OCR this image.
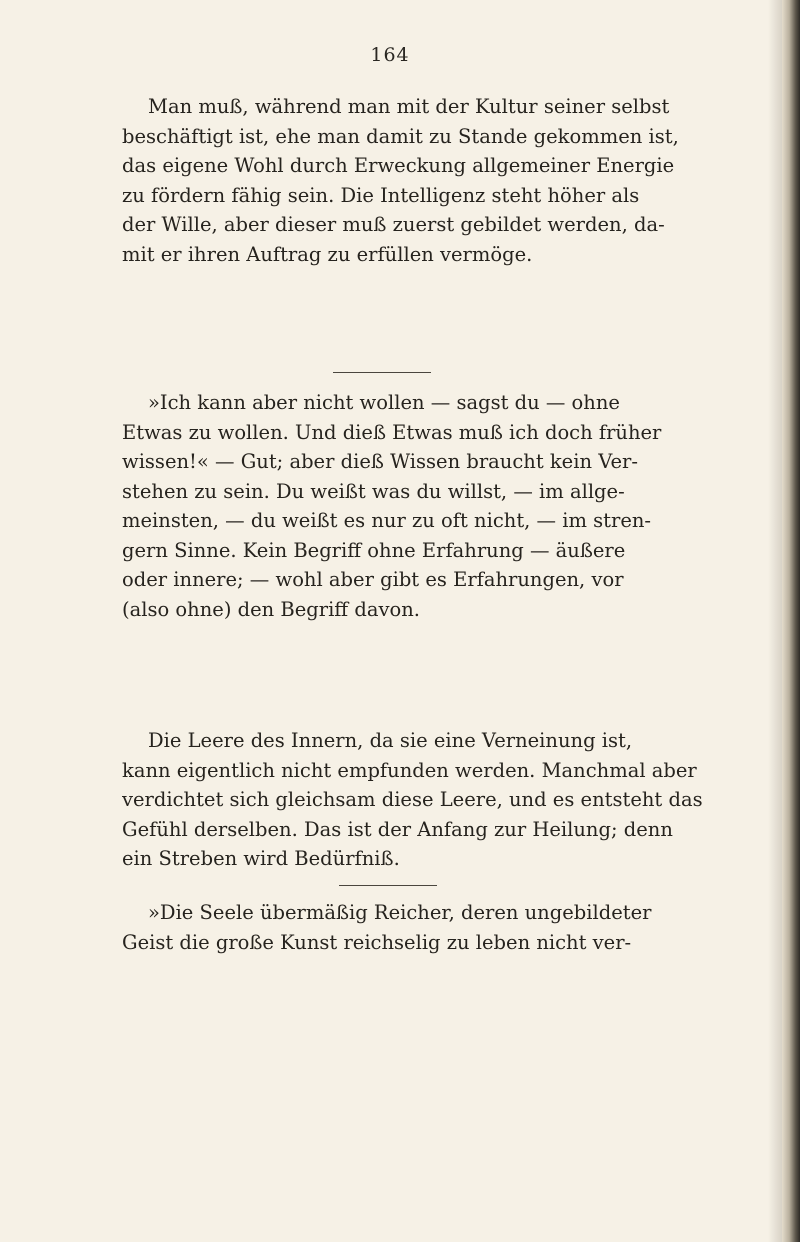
164

Man muß, während man mit der Kultur seiner selbst
beschäftigt ist, ehe man damit zu Stande gekommen ist,
das eigene Wohl durch Erweckung allgemeiner Energie
zu fördern fähig sein. Die Intelligenz steht höher als
der Wille, aber dieser muß zuerst gebildet werden, da-
mit er ihren Auftrag zu erfüllen vermöge.

»Ich kann aber nicht wollen — sagst du — ohne
Etwas zu wollen. Und dieß Etwas muß ich doch früher
wissen!« — Gut; aber dieß Wissen braucht kein Ver-
stehen zu sein. Du weißt was du willst, — im allge-
meinsten, — du weißt es nur zu oft nicht, — im stren-
gern Sinne. Kein Begriff ohne Erfahrung — äußere
oder innere; — wohl aber gibt es Erfahrungen, vor
(also ohne) den Begriff davon.

Die Leere des Innern, da sie eine Verneinung ist,
kann eigentlich nicht empfunden werden. Manchmal aber
verdichtet sich gleichsam diese Leere, und es entsteht das
Gefühl derselben. Das ist der Anfang zur Heilung; denn
ein Streben wird Bedürfniß.

»Die Seele übermäßig Reicher, deren ungebildeter
Geist die große Kunst reichselig zu leben nicht ver-
